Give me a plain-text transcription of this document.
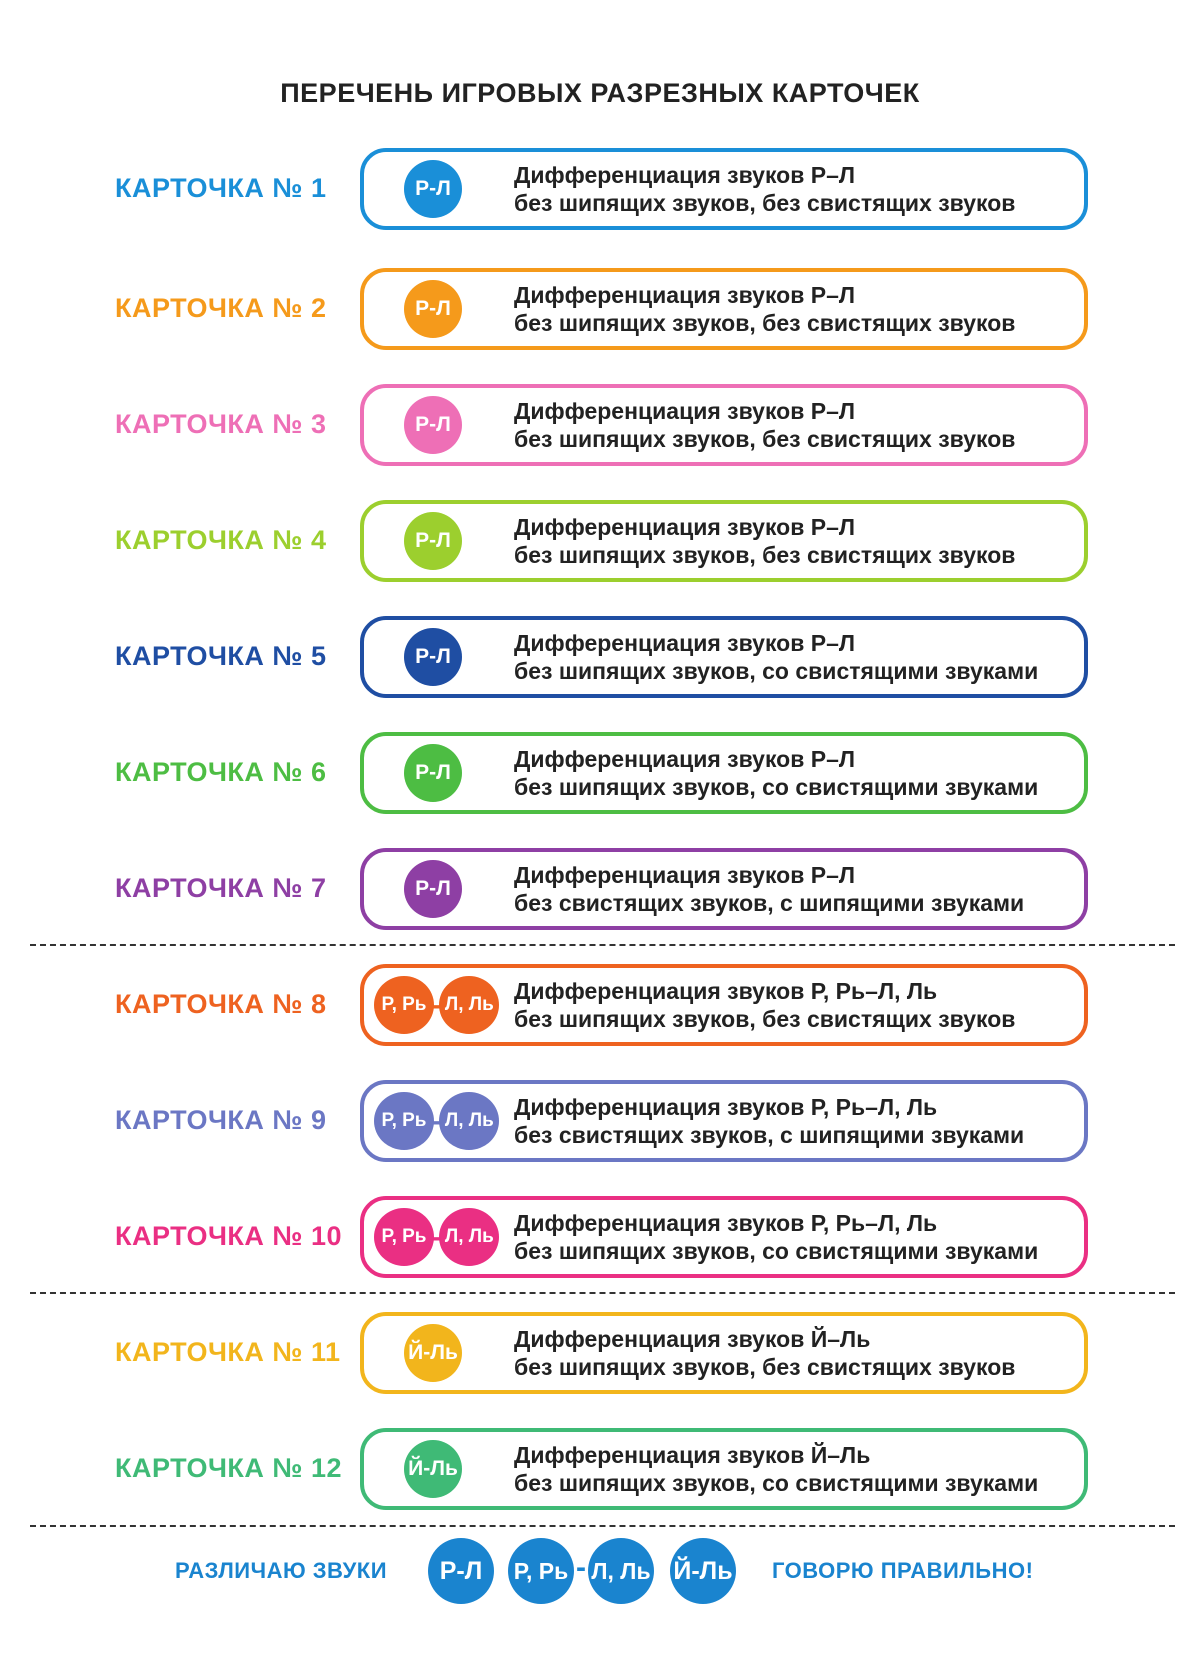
ПЕРЕЧЕНЬ ИГРОВЫХ РАЗРЕЗНЫХ КАРТОЧЕК
КАРТОЧКА № 1	Р-Л
Дифференциация звуков Р–Л
без шипящих звуков, без свистящих звуков
КАРТОЧКА № 2	Р-Л
Дифференциация звуков Р–Л
без шипящих звуков, без свистящих звуков
КАРТОЧКА № 3	Р-Л
Дифференциация звуков Р–Л
без шипящих звуков, без свистящих звуков
КАРТОЧКА № 4	Р-Л
Дифференциация звуков Р–Л
без шипящих звуков, без свистящих звуков
КАРТОЧКА № 5	Р-Л
Дифференциация звуков Р–Л
без шипящих звуков, со свистящими звуками
КАРТОЧКА № 6	Р-Л
Дифференциация звуков Р–Л
без шипящих звуков, со свистящими звуками
КАРТОЧКА № 7	Р-Л
Дифференциация звуков Р–Л
без свистящих звуков, с шипящими звуками
КАРТОЧКА № 8	Р, Рь - Л, Ль
Дифференциация звуков Р, Рь–Л, Ль
без шипящих звуков, без свистящих звуков
КАРТОЧКА № 9	Р, Рь - Л, Ль
Дифференциация звуков Р, Рь–Л, Ль
без свистящих звуков, с шипящими звуками
КАРТОЧКА № 10	Р, Рь - Л, Ль
Дифференциация звуков Р, Рь–Л, Ль
без шипящих звуков, со свистящими звуками
КАРТОЧКА № 11	Й-Ль
Дифференциация звуков Й–Ль
без шипящих звуков, без свистящих звуков
КАРТОЧКА № 12	Й-Ль
Дифференциация звуков Й–Ль
без шипящих звуков, со свистящими звуками
РАЗЛИЧАЮ ЗВУКИ	Р-Л	Р, Рь - Л, Ль Й-Ль ГОВОРЮ ПРАВИЛЬНО!
